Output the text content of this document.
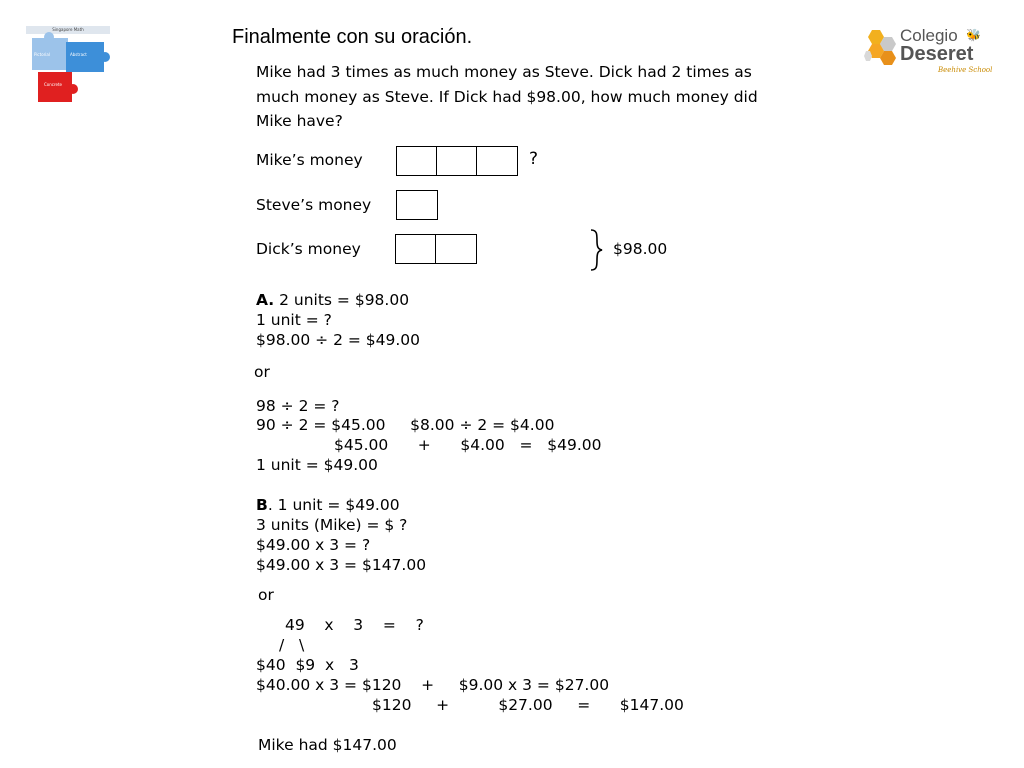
Singapore Math
Pictorial	Abstract
Concrete
Finalmente con su oración.	Colegio 🐝
Deseret
Beehive School
Mike had 3 times as much money as Steve. Dick had 2 times as
much money as Steve. If Dick had $98.00, how much money did
Mike have?
Mike’s money	?
Steve’s money
Dick’s money	$98.00
A. 2 units = $98.00
1 unit = ?
$98.00 ÷ 2 = $49.00
or
98 ÷ 2 = ?
90 ÷ 2 = $45.00     $8.00 ÷ 2 = $4.00
$45.00      +      $4.00   =   $49.00
1 unit = $49.00
B. 1 unit = $49.00
3 units (Mike) = $ ?
$49.00 x 3 = ?
$49.00 x 3 = $147.00
or
49    x    3    =    ?
/   \
$40  $9  x   3
$40.00 x 3 = $120    +     $9.00 x 3 = $27.00
$120     +          $27.00     =      $147.00
Mike had $147.00
